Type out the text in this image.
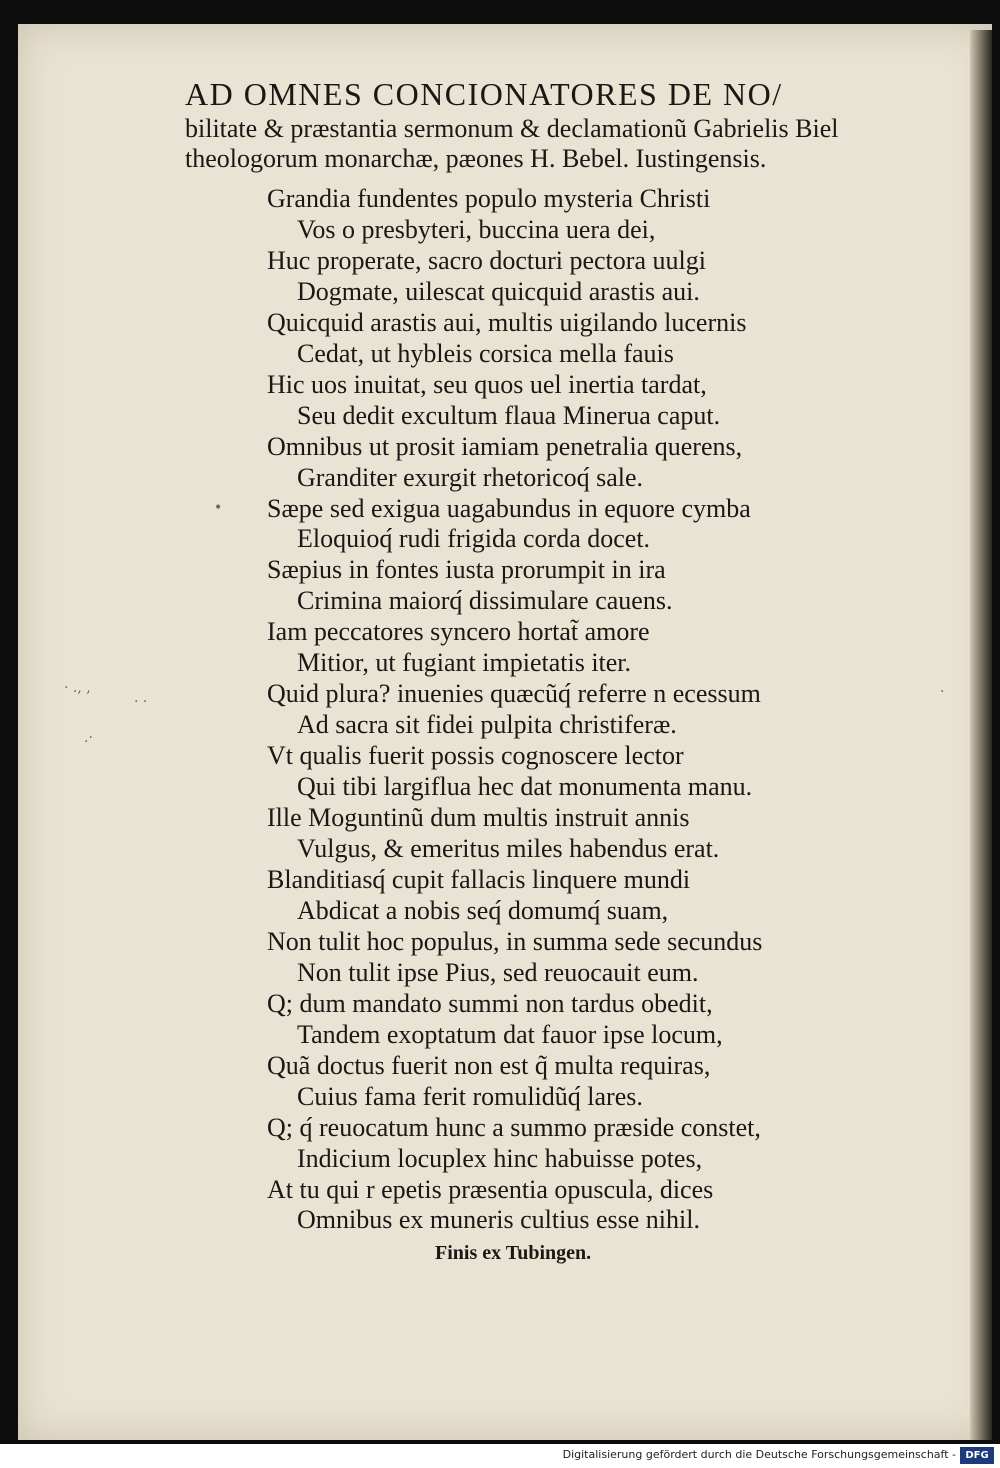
· ., ,
. .
.·
·
•
AD OMNES CONCIONATORES DE NO/
bilitate & præstantia sermonum & declamationũ Gabrielis Biel
theologorum monarchæ, pæones H. Bebel. Iustingensis.
Grandia fundentes populo mysteria Christi
Vos o presbyteri, buccina uera dei,
Huc properate, sacro docturi pectora uulgi
Dogmate, uilescat quicquid arastis aui.
Quicquid arastis aui, multis uigilando lucernis
Cedat, ut hybleis corsica mella fauis
Hic uos inuitat, seu quos uel inertia tardat,
Seu dedit excultum flaua Minerua caput.
Omnibus ut prosit iamiam penetralia querens,
Granditer exurgit rhetoricoq́ sale.
Sæpe sed exigua uagabundus in equore cymba
Eloquioq́ rudi frigida corda docet.
Sæpius in fontes iusta prorumpit in ira
Crimina maiorq́ dissimulare cauens.
Iam peccatores syncero hortat̃ amore
Mitior, ut fugiant impietatis iter.
Quid plura? inuenies quæcũq́ referre n ecessum
Ad sacra sit fidei pulpita christiferæ.
Vt qualis fuerit possis cognoscere lector
Qui tibi largiflua hec dat monumenta manu.
Ille Moguntinũ dum multis instruit annis
Vulgus, & emeritus miles habendus erat.
Blanditiasq́ cupit fallacis linquere mundi
Abdicat a nobis seq́ domumq́ suam,
Non tulit hoc populus, in summa sede secundus
Non tulit ipse Pius, sed reuocauit eum.
Q; dum mandato summi non tardus obedit,
Tandem exoptatum dat fauor ipse locum,
Quã doctus fuerit non est q̃ multa requiras,
Cuius fama ferit romulidũq́ lares.
Q; q́ reuocatum hunc a summo præside constet,
Indicium locuplex hinc habuisse potes,
At tu qui r epetis præsentia opuscula, dices
Omnibus ex muneris cultius esse nihil.
Finis ex Tubingen.
Digitalisierung gefördert durch die Deutsche Forschungsgemeinschaft - DFG
